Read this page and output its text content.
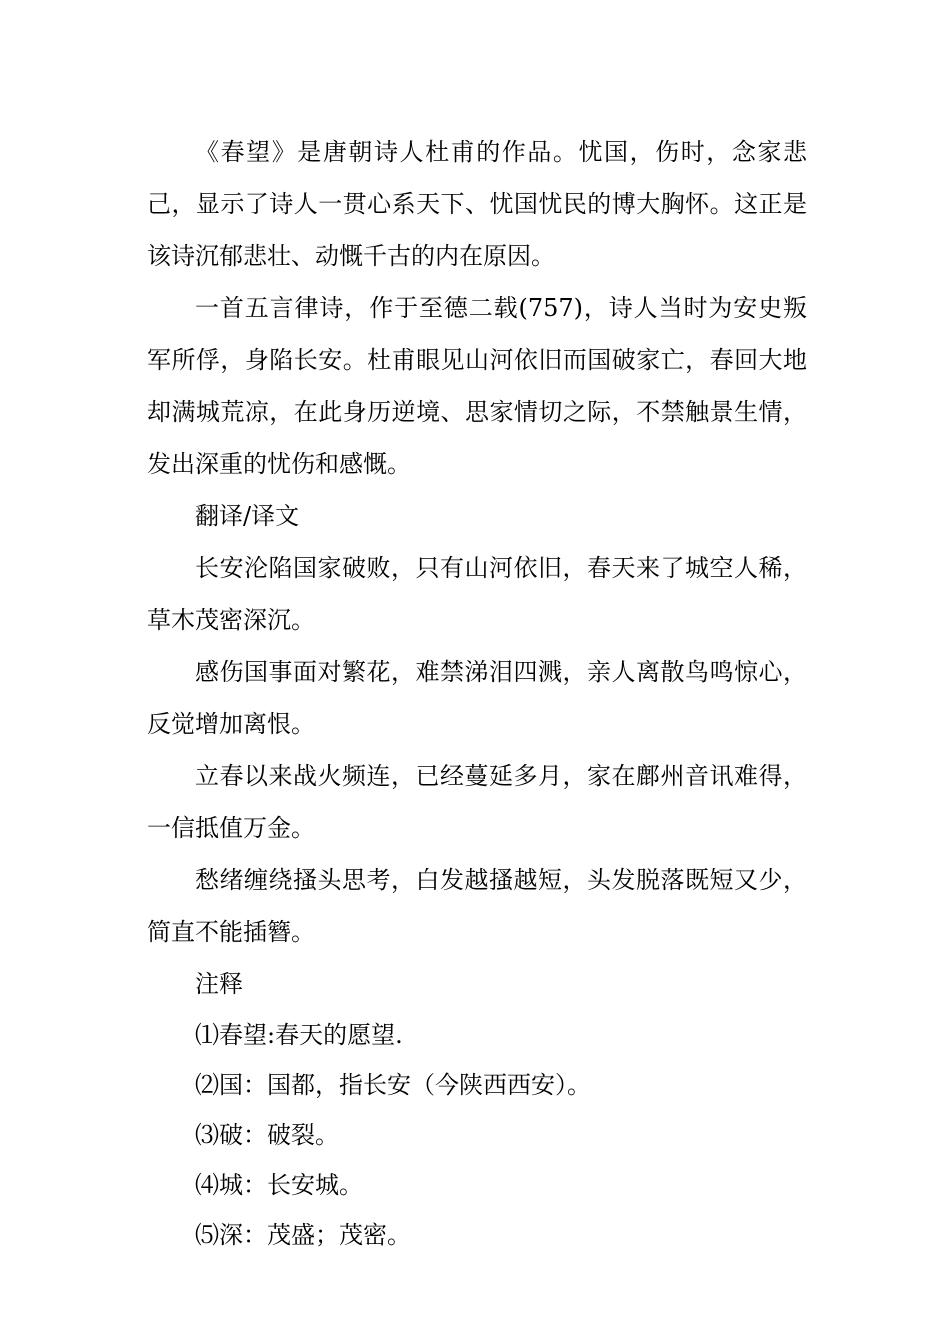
《春望》是唐朝诗人杜甫的作品。忧国，伤时，念家悲己，显示了诗人一贯心系天下、忧国忧民的博大胸怀。这正是该诗沉郁悲壮、动慨千古的内在原因。

一首五言律诗，作于至德二载(757)，诗人当时为安史叛军所俘，身陷长安。杜甫眼见山河依旧而国破家亡，春回大地却满城荒凉，在此身历逆境、思家情切之际，不禁触景生情，发出深重的忧伤和感慨。

翻译/译文

长安沦陷国家破败，只有山河依旧，春天来了城空人稀，草木茂密深沉。

感伤国事面对繁花，难禁涕泪四溅，亲人离散鸟鸣惊心，反觉增加离恨。

立春以来战火频连，已经蔓延多月，家在鄜州音讯难得，一信抵值万金。

愁绪缠绕搔头思考，白发越搔越短，头发脱落既短又少，简直不能插簪。

注释

⑴春望:春天的愿望.

⑵国：国都，指长安（今陕西西安）。

⑶破：破裂。

⑷城：长安城。

⑸深：茂盛；茂密。
